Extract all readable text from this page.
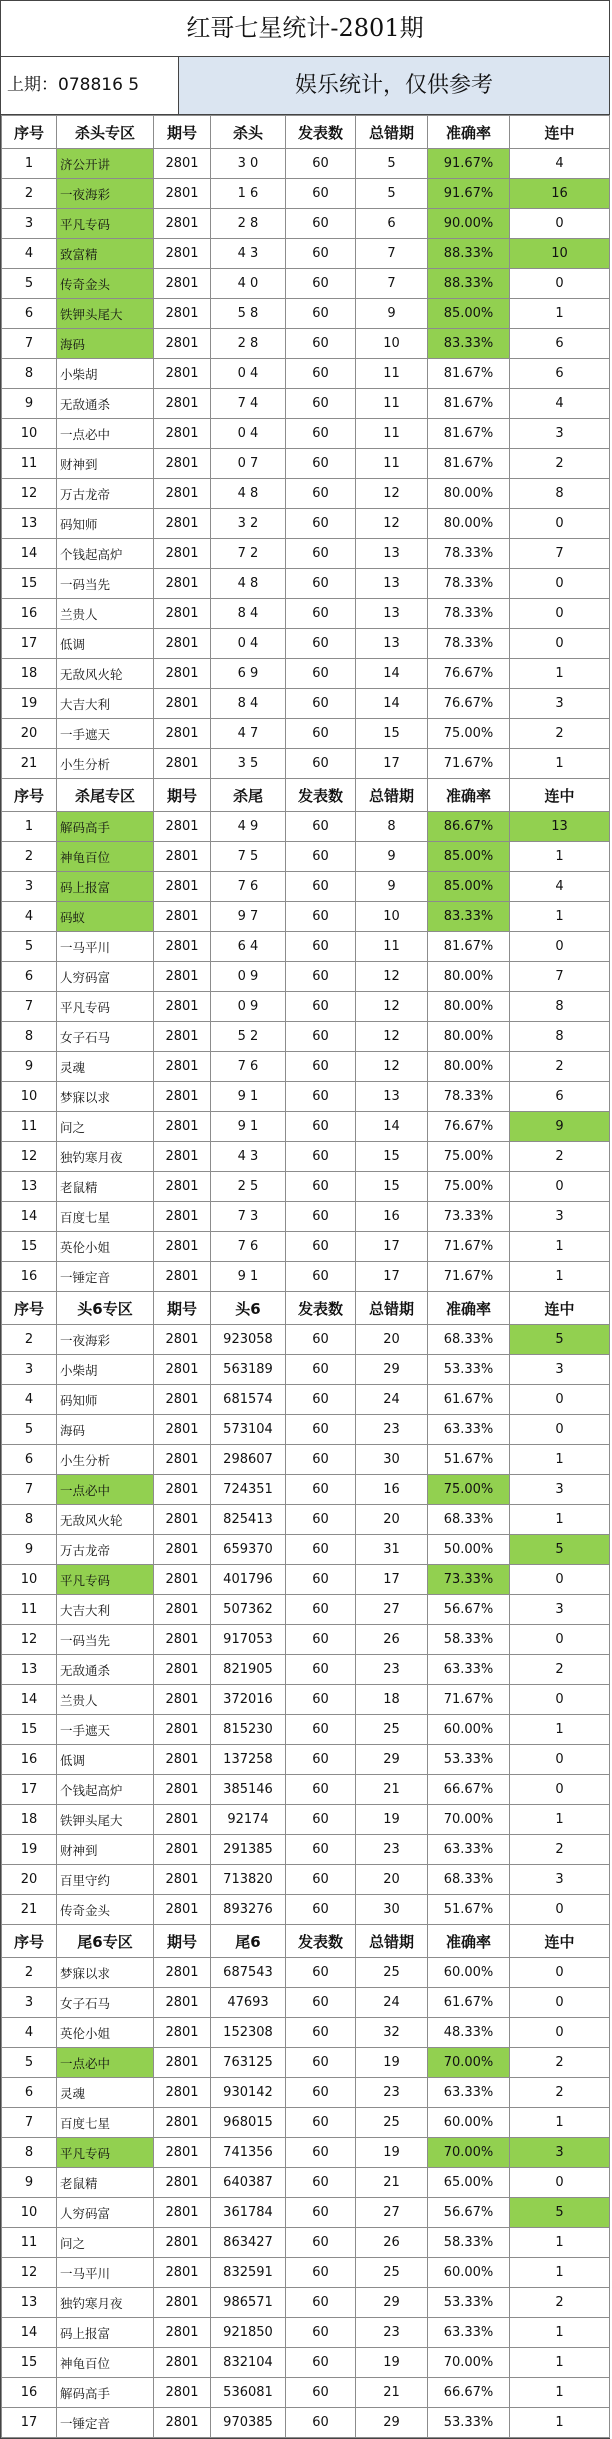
红哥七星统计-2801期
上期：078816 5	娱乐统计，仅供参考
序号	杀头专区	期号	杀头	发表数	总错期	准确率	连中
1	济公开讲	2801	3 0	60	5	91.67%	4
2	一夜海彩	2801	1 6	60	5	91.67%	16
3	平凡专码	2801	2 8	60	6	90.00%	0
4	致富精	2801	4 3	60	7	88.33%	10
5	传奇金头	2801	4 0	60	7	88.33%	0
6	铁钾头尾大	2801	5 8	60	9	85.00%	1
7	海码	2801	2 8	60	10	83.33%	6
8	小柴胡	2801	0 4	60	11	81.67%	6
9	无敌通杀	2801	7 4	60	11	81.67%	4
10	一点必中	2801	0 4	60	11	81.67%	3
11	财神到	2801	0 7	60	11	81.67%	2
12	万古龙帝	2801	4 8	60	12	80.00%	8
13	码知师	2801	3 2	60	12	80.00%	0
14	个钱起高炉	2801	7 2	60	13	78.33%	7
15	一码当先	2801	4 8	60	13	78.33%	0
16	兰贵人	2801	8 4	60	13	78.33%	0
17	低调	2801	0 4	60	13	78.33%	0
18	无敌风火轮	2801	6 9	60	14	76.67%	1
19	大吉大利	2801	8 4	60	14	76.67%	3
20	一手遮天	2801	4 7	60	15	75.00%	2
21	小生分析	2801	3 5	60	17	71.67%	1
序号	杀尾专区	期号	杀尾	发表数	总错期	准确率	连中
1	解码高手	2801	4 9	60	8	86.67%	13
2	神龟百位	2801	7 5	60	9	85.00%	1
3	码上报富	2801	7 6	60	9	85.00%	4
4	码蚁	2801	9 7	60	10	83.33%	1
5	一马平川	2801	6 4	60	11	81.67%	0
6	人穷码富	2801	0 9	60	12	80.00%	7
7	平凡专码	2801	0 9	60	12	80.00%	8
8	女子石马	2801	5 2	60	12	80.00%	8
9	灵魂	2801	7 6	60	12	80.00%	2
10	梦寐以求	2801	9 1	60	13	78.33%	6
11	问之	2801	9 1	60	14	76.67%	9
12	独钓寒月夜	2801	4 3	60	15	75.00%	2
13	老鼠精	2801	2 5	60	15	75.00%	0
14	百度七星	2801	7 3	60	16	73.33%	3
15	英伦小姐	2801	7 6	60	17	71.67%	1
16	一锤定音	2801	9 1	60	17	71.67%	1
序号	头6专区	期号	头6	发表数	总错期	准确率	连中
2	一夜海彩	2801	923058	60	20	68.33%	5
3	小柴胡	2801	563189	60	29	53.33%	3
4	码知师	2801	681574	60	24	61.67%	0
5	海码	2801	573104	60	23	63.33%	0
6	小生分析	2801	298607	60	30	51.67%	1
7	一点必中	2801	724351	60	16	75.00%	3
8	无敌风火轮	2801	825413	60	20	68.33%	1
9	万古龙帝	2801	659370	60	31	50.00%	5
10	平凡专码	2801	401796	60	17	73.33%	0
11	大吉大利	2801	507362	60	27	56.67%	3
12	一码当先	2801	917053	60	26	58.33%	0
13	无敌通杀	2801	821905	60	23	63.33%	2
14	兰贵人	2801	372016	60	18	71.67%	0
15	一手遮天	2801	815230	60	25	60.00%	1
16	低调	2801	137258	60	29	53.33%	0
17	个钱起高炉	2801	385146	60	21	66.67%	0
18	铁钾头尾大	2801	92174	60	19	70.00%	1
19	财神到	2801	291385	60	23	63.33%	2
20	百里守约	2801	713820	60	20	68.33%	3
21	传奇金头	2801	893276	60	30	51.67%	0
序号	尾6专区	期号	尾6	发表数	总错期	准确率	连中
2	梦寐以求	2801	687543	60	25	60.00%	0
3	女子石马	2801	47693	60	24	61.67%	0
4	英伦小姐	2801	152308	60	32	48.33%	0
5	一点必中	2801	763125	60	19	70.00%	2
6	灵魂	2801	930142	60	23	63.33%	2
7	百度七星	2801	968015	60	25	60.00%	1
8	平凡专码	2801	741356	60	19	70.00%	3
9	老鼠精	2801	640387	60	21	65.00%	0
10	人穷码富	2801	361784	60	27	56.67%	5
11	问之	2801	863427	60	26	58.33%	1
12	一马平川	2801	832591	60	25	60.00%	1
13	独钓寒月夜	2801	986571	60	29	53.33%	2
14	码上报富	2801	921850	60	23	63.33%	1
15	神龟百位	2801	832104	60	19	70.00%	1
16	解码高手	2801	536081	60	21	66.67%	1
17	一锤定音	2801	970385	60	29	53.33%	1
